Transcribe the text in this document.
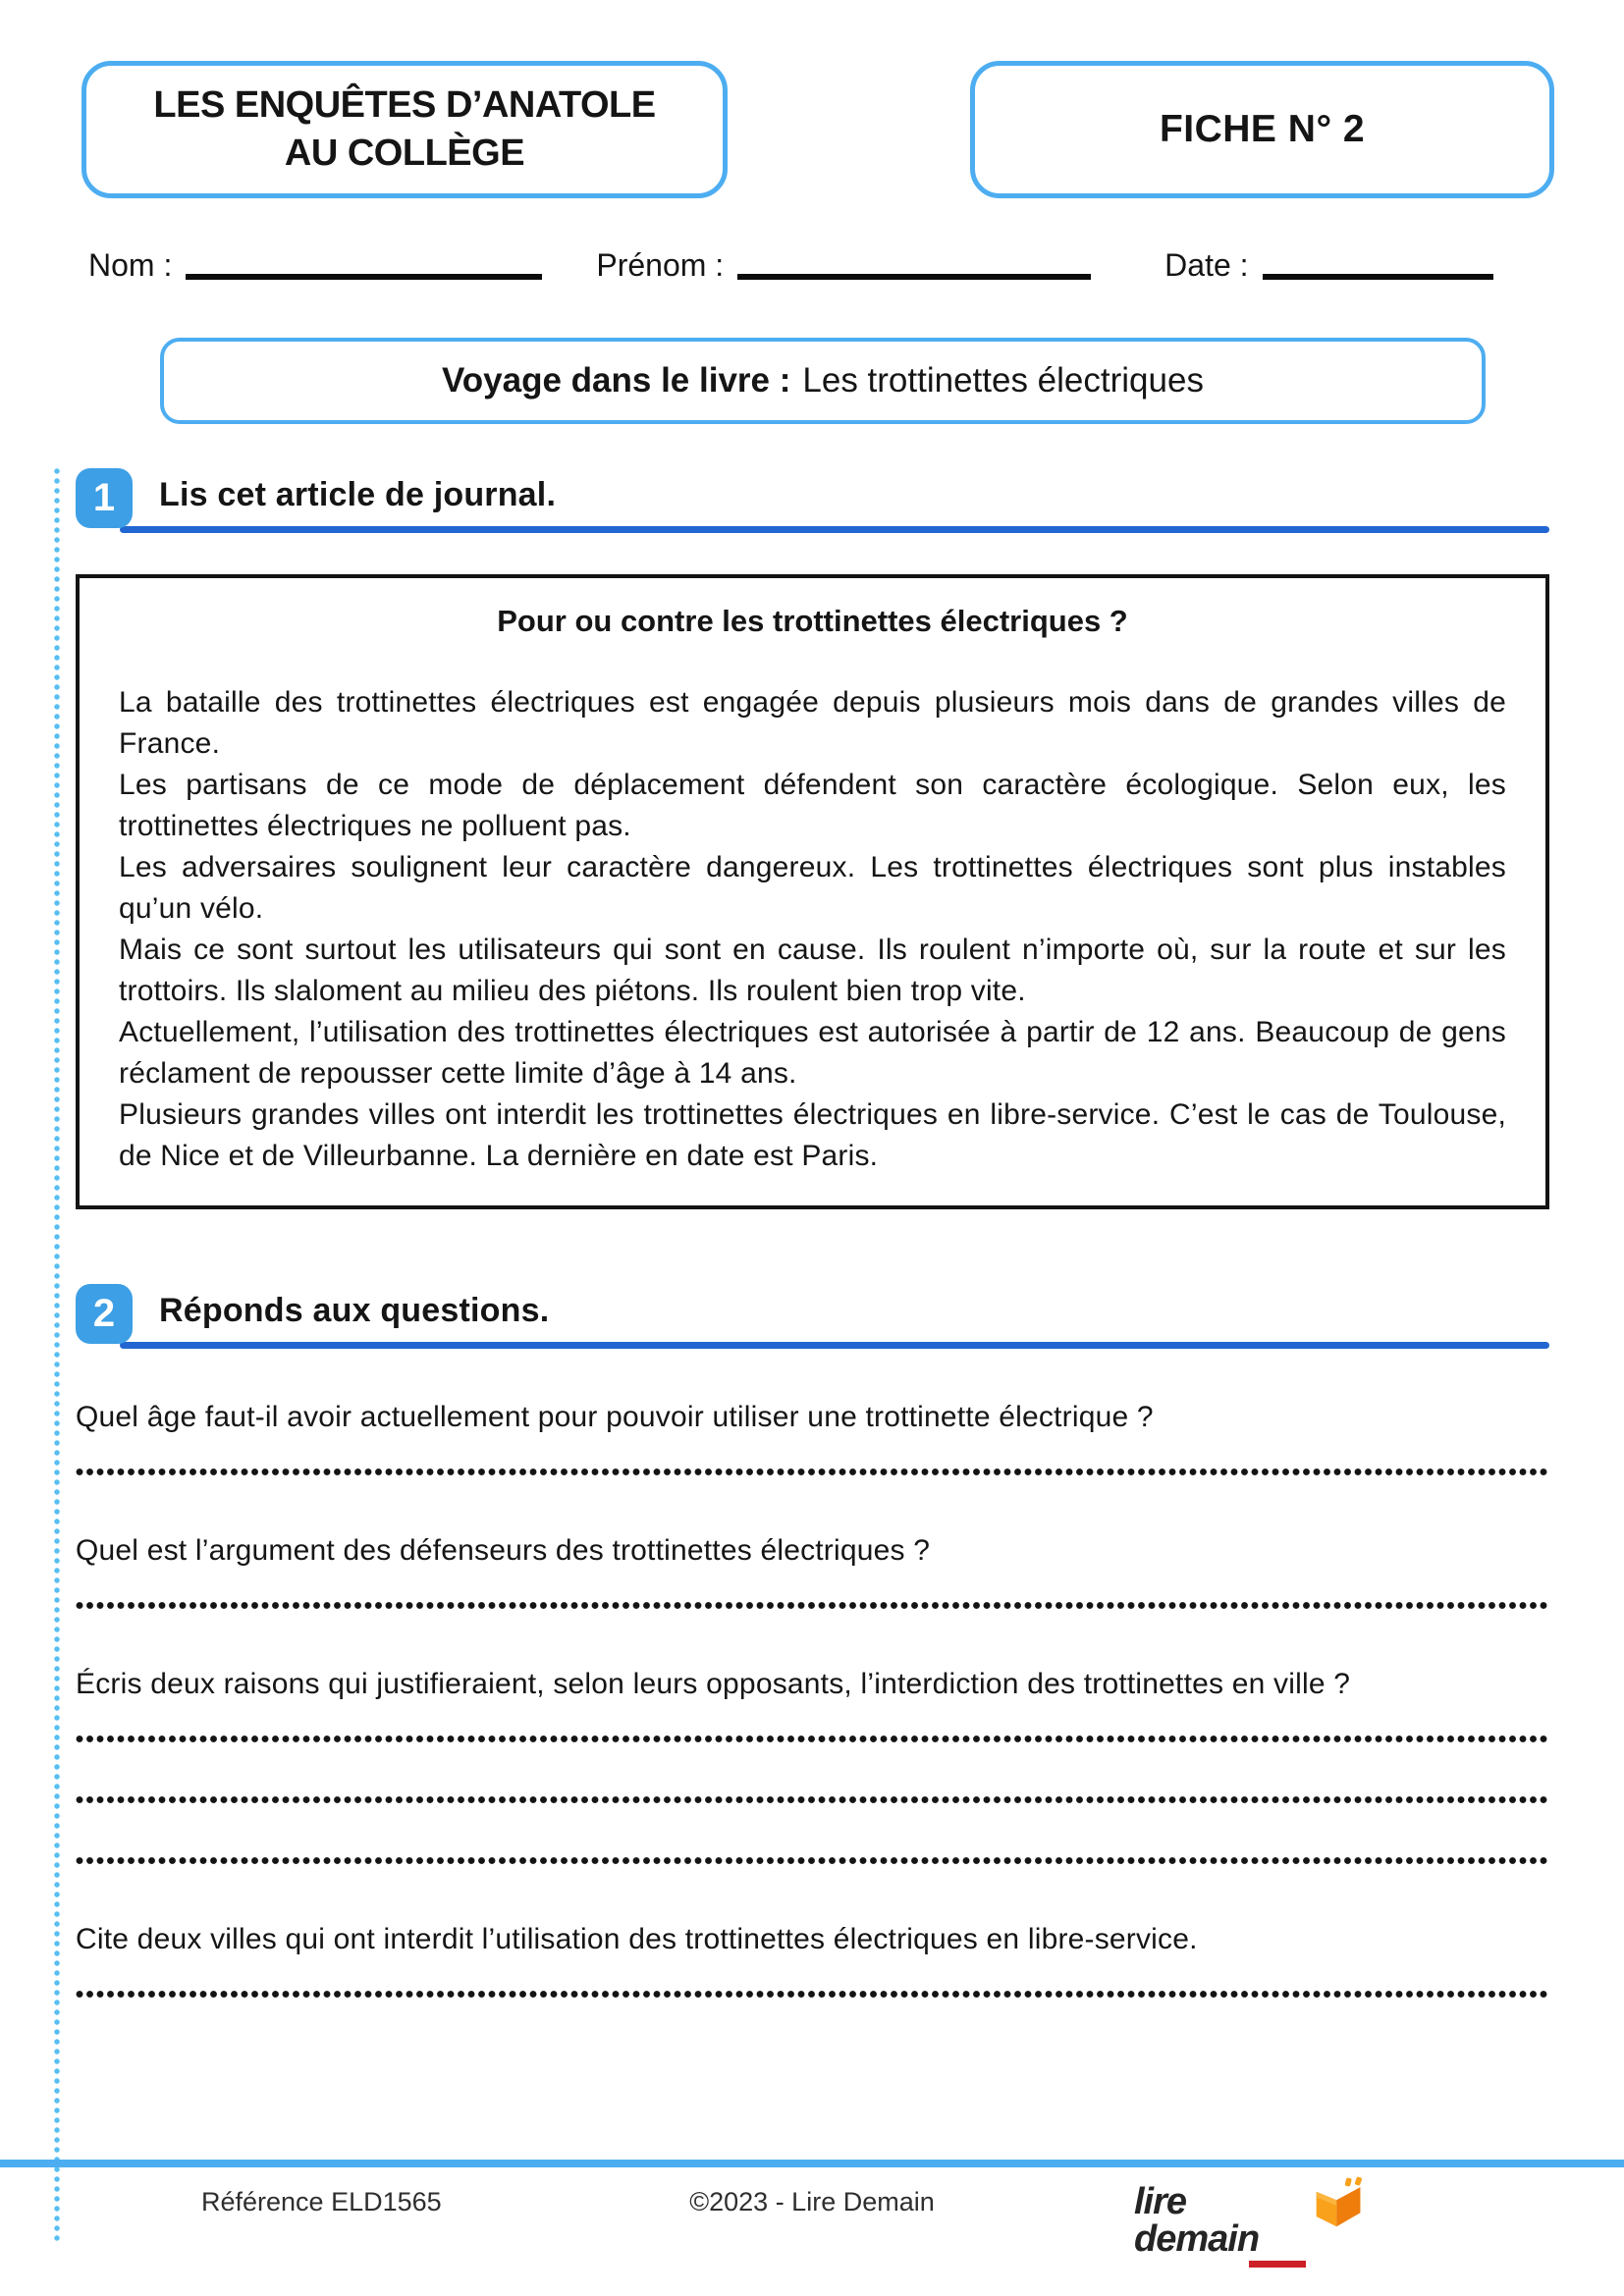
LES ENQUÊTES D’ANATOLE
AU COLLÈGE
FICHE N° 2
Nom :	Prénom :	Date :
Voyage dans le livre : Les trottinettes électriques
1	Lis cet article de journal.
Pour ou contre les trottinettes électriques ?

La bataille des trottinettes électriques est engagée depuis plusieurs mois dans de grandes villes de France.

Les partisans de ce mode de déplacement défendent son caractère écologique. Selon eux, les trottinettes électriques ne polluent pas.

Les adversaires soulignent leur caractère dangereux. Les trottinettes électriques sont plus instables qu’un vélo.

Mais ce sont surtout les utilisateurs qui sont en cause. Ils roulent n’importe où, sur la route et sur les trottoirs. Ils slaloment au milieu des piétons. Ils roulent bien trop vite.

Actuellement, l’utilisation des trottinettes électriques est autorisée à partir de 12 ans. Beaucoup de gens réclament de repousser cette limite d’âge à 14 ans.

Plusieurs grandes villes ont interdit les trottinettes électriques en libre-service. C’est le cas de Toulouse, de Nice et de Villeurbanne. La dernière en date est Paris.

2	Réponds aux questions.
Quel âge faut-il avoir actuellement pour pouvoir utiliser une trottinette électrique ?
Quel est l’argument des défenseurs des trottinettes électriques ?
Écris deux raisons qui justifieraient, selon leurs opposants, l’interdiction des trottinettes en ville ?
Cite deux villes qui ont interdit l’utilisation des trottinettes électriques en libre-service.
Référence ELD1565	©2023 - Lire Demain	lire demain
